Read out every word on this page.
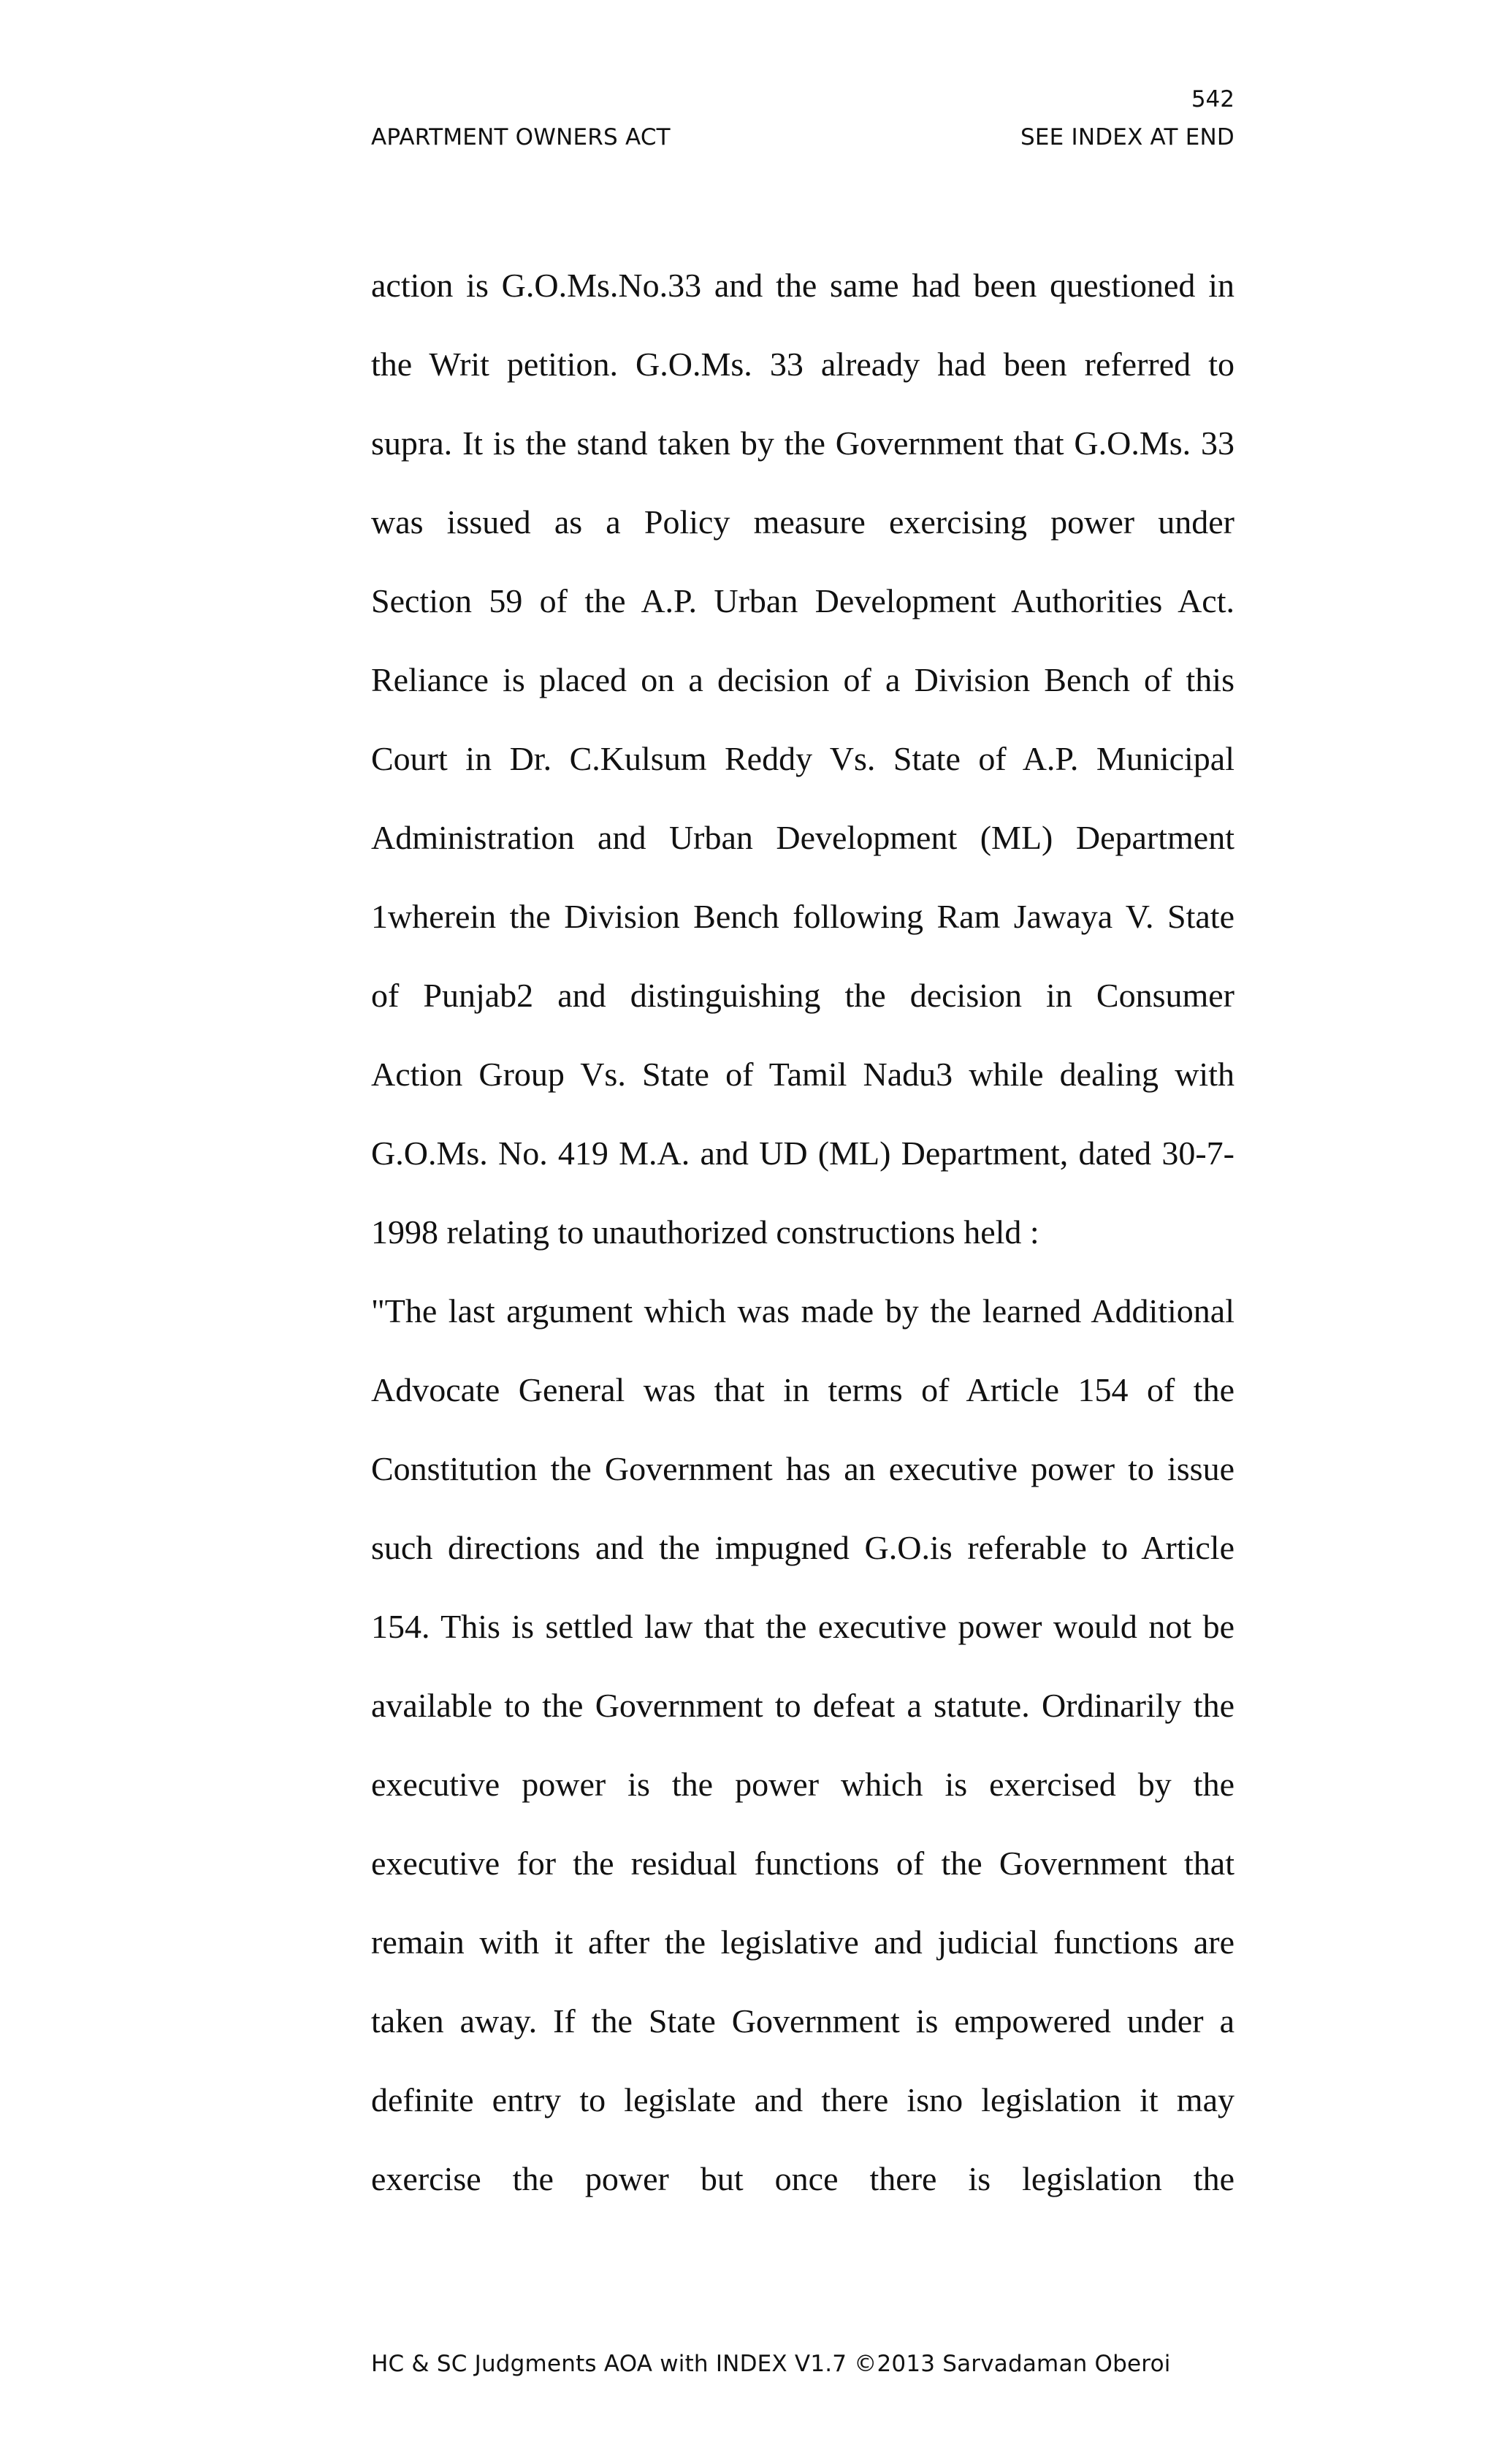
542
APARTMENT OWNERS ACT	SEE INDEX AT END
action is G.O.Ms.No.33 and the same had been questioned in
the Writ petition. G.O.Ms. 33 already had been referred to
supra. It is the stand taken by the Government that G.O.Ms. 33
was issued as a Policy measure exercising power under
Section 59 of the A.P. Urban Development Authorities Act.
Reliance is placed on a decision of a Division Bench of this
Court in Dr. C.Kulsum Reddy Vs. State of A.P. Municipal
Administration and Urban Development (ML) Department
1wherein the Division Bench following Ram Jawaya V. State
of Punjab2 and distinguishing the decision in Consumer
Action Group Vs. State of Tamil Nadu3 while dealing with
G.O.Ms. No. 419 M.A. and UD (ML) Department, dated 30-7-
1998 relating to unauthorized constructions held :
"The last argument which was made by the learned Additional
Advocate General was that in terms of Article 154 of the
Constitution the Government has an executive power to issue
such directions and the impugned G.O.is referable to Article
154. This is settled law that the executive power would not be
available to the Government to defeat a statute. Ordinarily the
executive power is the power which is exercised by the
executive for the residual functions of the Government that
remain with it after the legislative and judicial functions are
taken away. If the State Government is empowered under a
definite entry to legislate and there isno legislation it may
exercise the power but once there is legislation the
HC & SC Judgments AOA with INDEX V1.7 ©2013 Sarvadaman Oberoi
